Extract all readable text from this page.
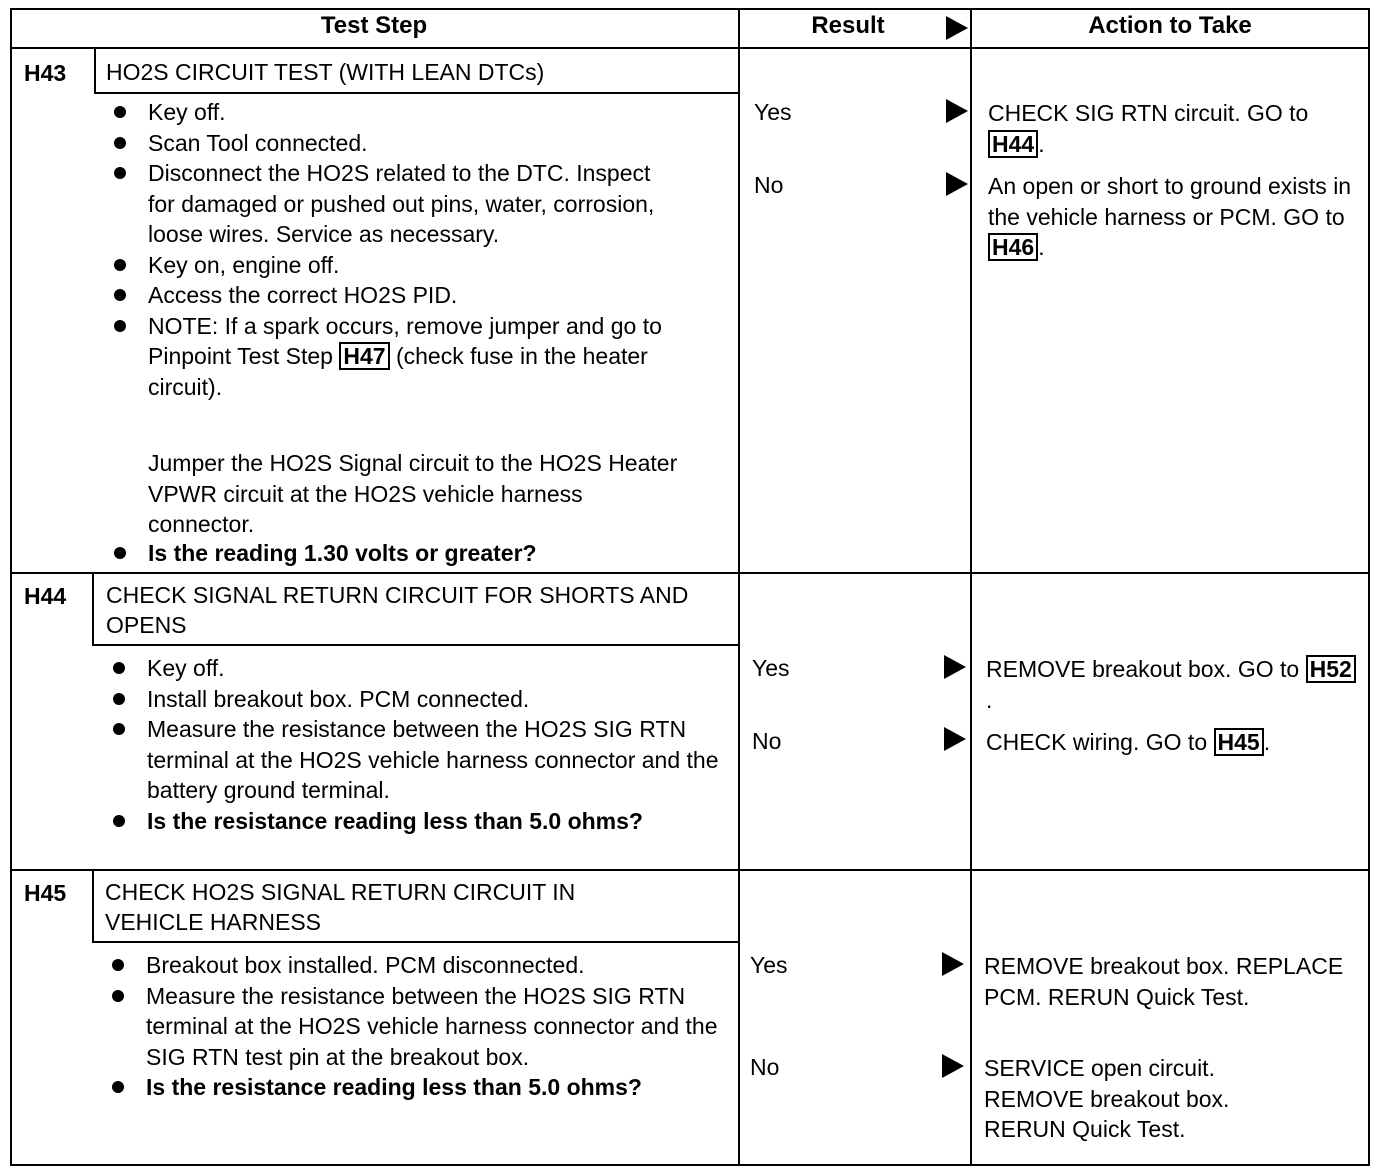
Test Step	Result	Action to Take
H43 HO2S CIRCUIT TEST (WITH LEAN DTCs)
Key off.
Scan Tool connected.
Disconnect the HO2S related to the DTC. Inspect for damaged or pushed out pins, water, corrosion, loose wires. Service as necessary.
Key on, engine off.
Access the correct HO2S PID.
NOTE: If a spark occurs, remove jumper and go to Pinpoint Test Step H47 (check fuse in the heater circuit).
Jumper the HO2S Signal circuit to the HO2S Heater VPWR circuit at the HO2S vehicle harness connector.
Is the reading 1.30 volts or greater?
Yes
No
CHECK SIG RTN circuit. GO to H44 .
An open or short to ground exists in the vehicle harness or PCM. GO to H46 .
H44 CHECK SIGNAL RETURN CIRCUIT FOR SHORTS AND OPENS
Key off.
Install breakout box. PCM connected.
Measure the resistance between the HO2S SIG RTN terminal at the HO2S vehicle harness connector and the battery ground terminal.
Is the resistance reading less than 5.0 ohms?
Yes
No
REMOVE breakout box. GO to H52.
CHECK wiring. GO to H45 .
H45 CHECK HO2S SIGNAL RETURN CIRCUIT IN VEHICLE HARNESS
Breakout box installed. PCM disconnected.
Measure the resistance between the HO2S SIG RTN terminal at the HO2S vehicle harness connector and the SIG RTN test pin at the breakout box.
Is the resistance reading less than 5.0 ohms?
Yes
No
REMOVE breakout box. REPLACE PCM. RERUN Quick Test.
SERVICE open circuit. REMOVE breakout box. RERUN Quick Test.
